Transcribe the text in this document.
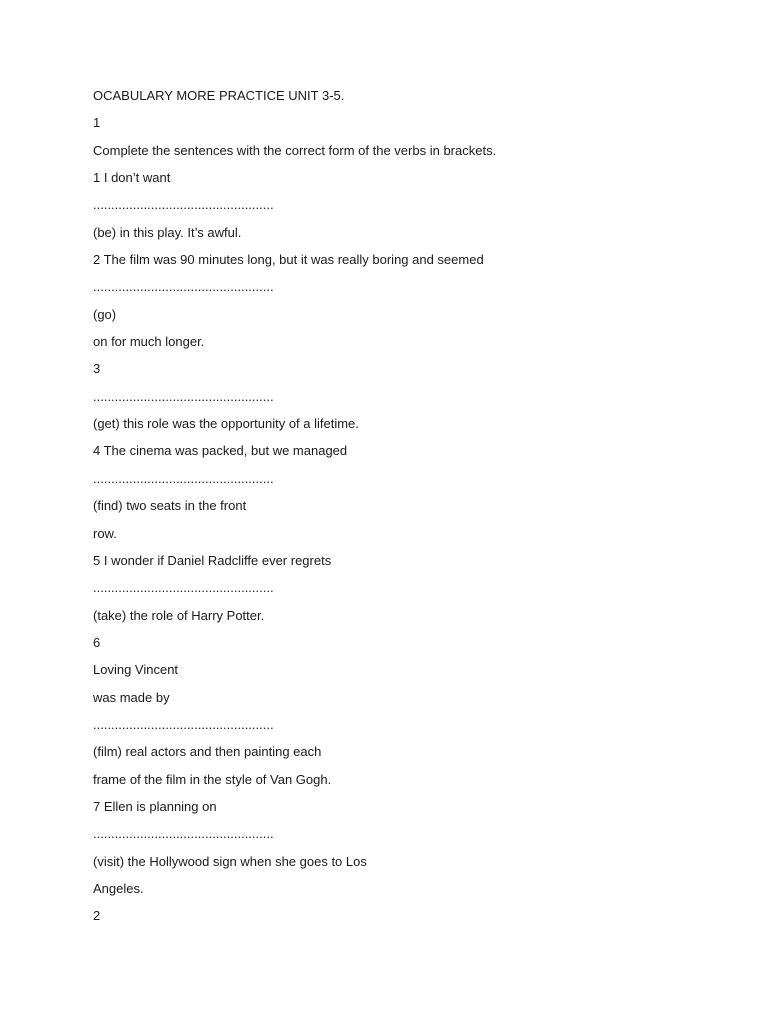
OCABULARY MORE PRACTICE UNIT 3-5.
1
Complete the sentences with the correct form of the verbs in brackets.
1 I don’t want
..................................................
(be) in this play. It’s awful.
2 The film was 90 minutes long, but it was really boring and seemed
..................................................
(go)
on for much longer.
3
..................................................
(get) this role was the opportunity of a lifetime.
4 The cinema was packed, but we managed
..................................................
(find) two seats in the front
row.
5 I wonder if Daniel Radcliffe ever regrets
..................................................
(take) the role of Harry Potter.
6
Loving Vincent
was made by
..................................................
(film) real actors and then painting each
frame of the film in the style of Van Gogh.
7 Ellen is planning on
..................................................
(visit) the Hollywood sign when she goes to Los
Angeles.
2
